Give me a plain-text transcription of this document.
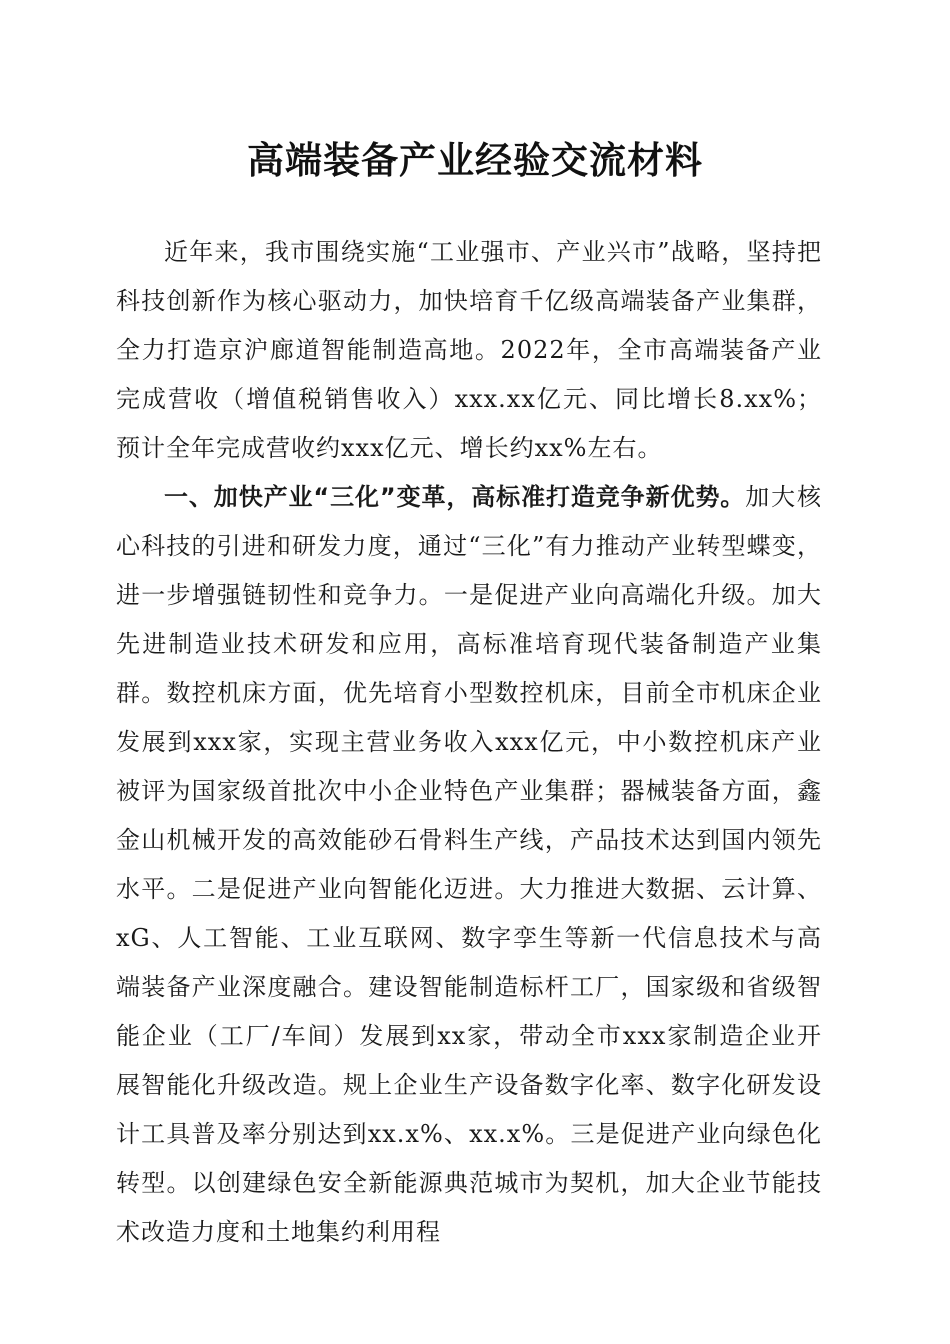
高端装备产业经验交流材料

近年来，我市围绕实施“工业强市、产业兴市”战略，坚持把科技创新作为核心驱动力，加快培育千亿级高端装备产业集群，全力打造京沪廊道智能制造高地。2022年，全市高端装备产业完成营收（增值税销售收入）xxx.xx亿元、同比增长8.xx%；预计全年完成营收约xxx亿元、增长约xx%左右。

一、加快产业“三化”变革，高标准打造竞争新优势。加大核心科技的引进和研发力度，通过“三化”有力推动产业转型蝶变，进一步增强链韧性和竞争力。一是促进产业向高端化升级。加大先进制造业技术研发和应用，高标准培育现代装备制造产业集群。数控机床方面，优先培育小型数控机床，目前全市机床企业发展到xxx家，实现主营业务收入xxx亿元，中小数控机床产业被评为国家级首批次中小企业特色产业集群；器械装备方面，鑫金山机械开发的高效能砂石骨料生产线，产品技术达到国内领先水平。二是促进产业向智能化迈进。大力推进大数据、云计算、xG、人工智能、工业互联网、数字孪生等新一代信息技术与高端装备产业深度融合。建设智能制造标杆工厂，国家级和省级智能企业（工厂/车间）发展到xx家，带动全市xxx家制造企业开展智能化升级改造。规上企业生产设备数字化率、数字化研发设计工具普及率分别达到xx.x%、xx.x%。三是促进产业向绿色化转型。以创建绿色安全新能源典范城市为契机，加大企业节能技术改造力度和土地集约利用程
